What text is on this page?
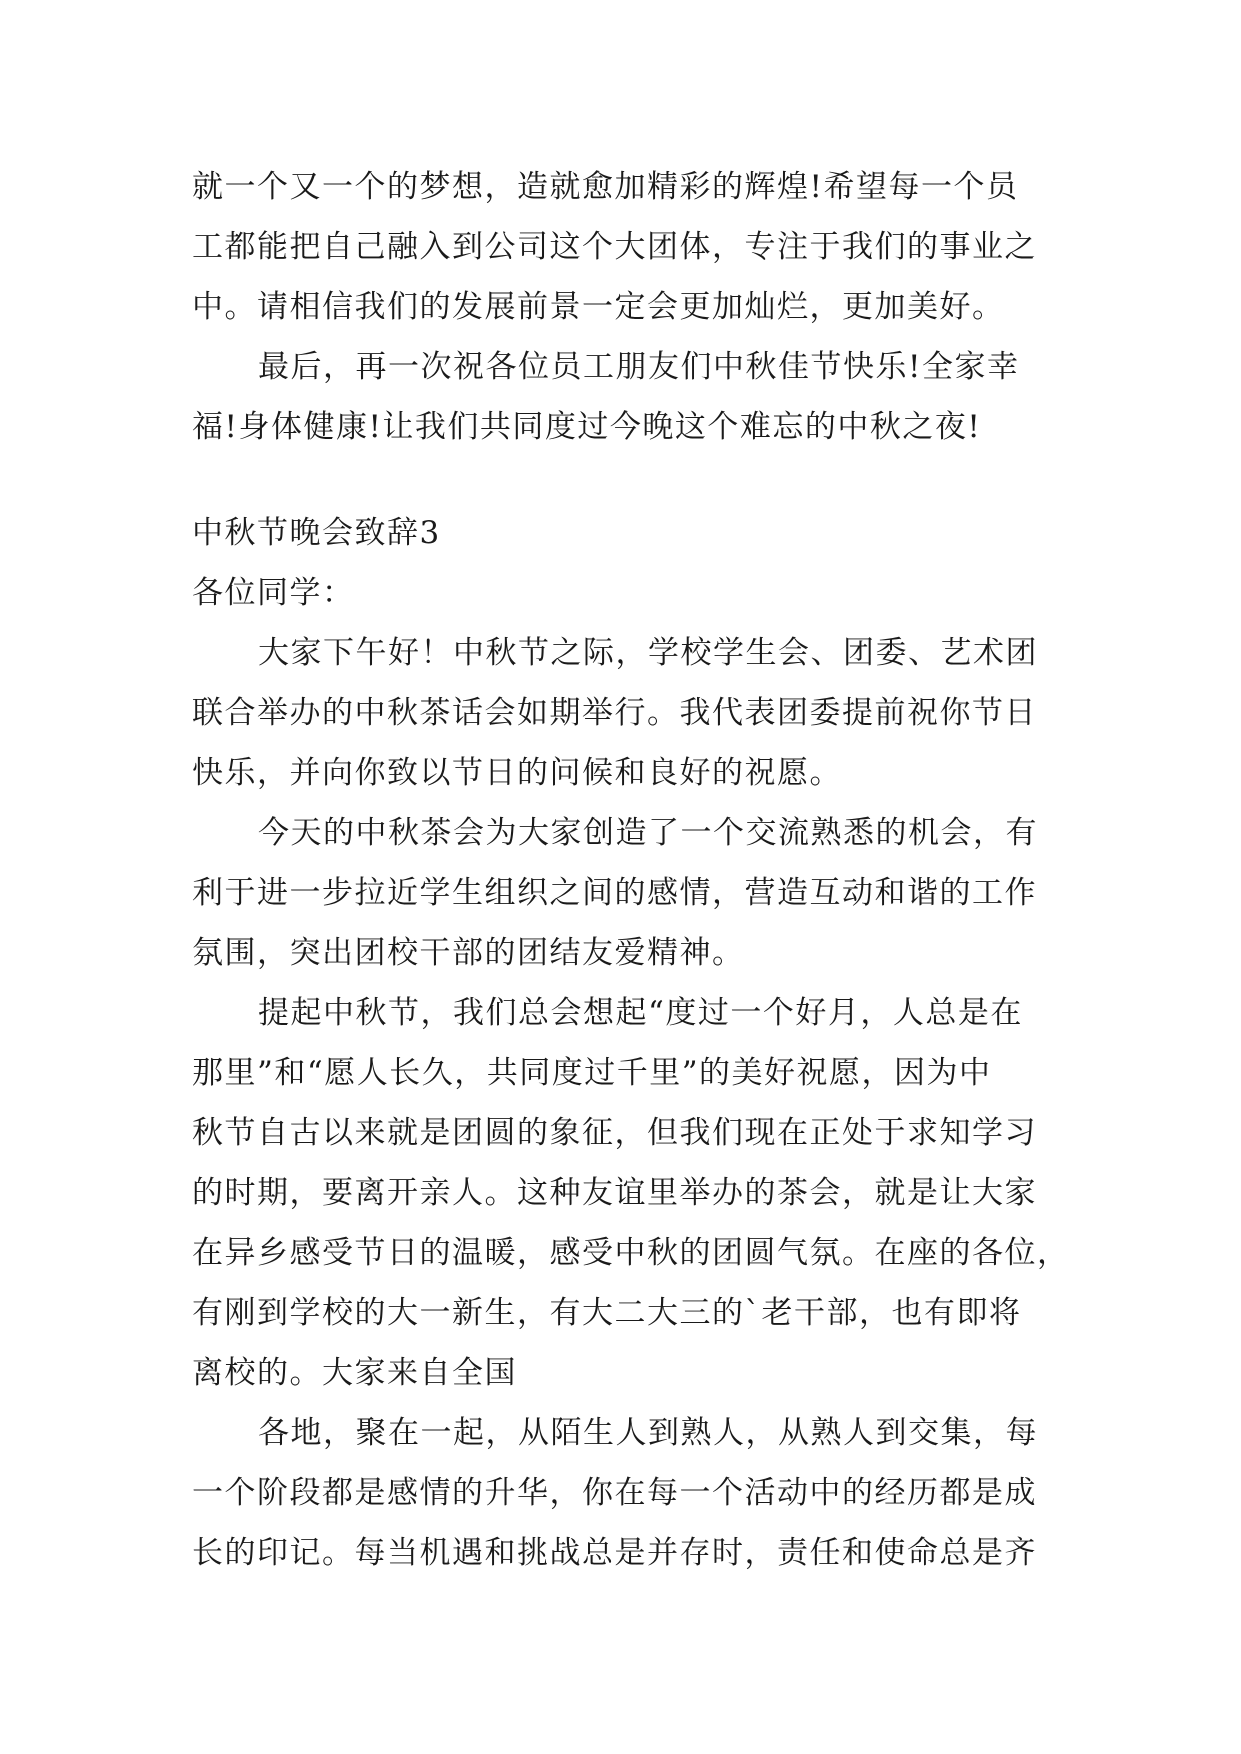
就一个又一个的梦想，造就愈加精彩的辉煌!希望每一个员
工都能把自己融入到公司这个大团体，专注于我们的事业之
中。请相信我们的发展前景一定会更加灿烂，更加美好。
最后，再一次祝各位员工朋友们中秋佳节快乐!全家幸
福!身体健康!让我们共同度过今晚这个难忘的中秋之夜!
中秋节晚会致辞3
各位同学：
大家下午好！中秋节之际，学校学生会、团委、艺术团
联合举办的中秋茶话会如期举行。我代表团委提前祝你节日
快乐，并向你致以节日的问候和良好的祝愿。
今天的中秋茶会为大家创造了一个交流熟悉的机会，有
利于进一步拉近学生组织之间的感情，营造互动和谐的工作
氛围，突出团校干部的团结友爱精神。
提起中秋节，我们总会想起“度过一个好月，人总是在
那里”和“愿人长久，共同度过千里”的美好祝愿，因为中
秋节自古以来就是团圆的象征，但我们现在正处于求知学习
的时期，要离开亲人。这种友谊里举办的茶会，就是让大家
在异乡感受节日的温暖，感受中秋的团圆气氛。在座的各位，
有刚到学校的大一新生，有大二大三的`老干部，也有即将
离校的。大家来自全国
各地，聚在一起，从陌生人到熟人，从熟人到交集，每
一个阶段都是感情的升华，你在每一个活动中的经历都是成
长的印记。每当机遇和挑战总是并存时，责任和使命总是齐
